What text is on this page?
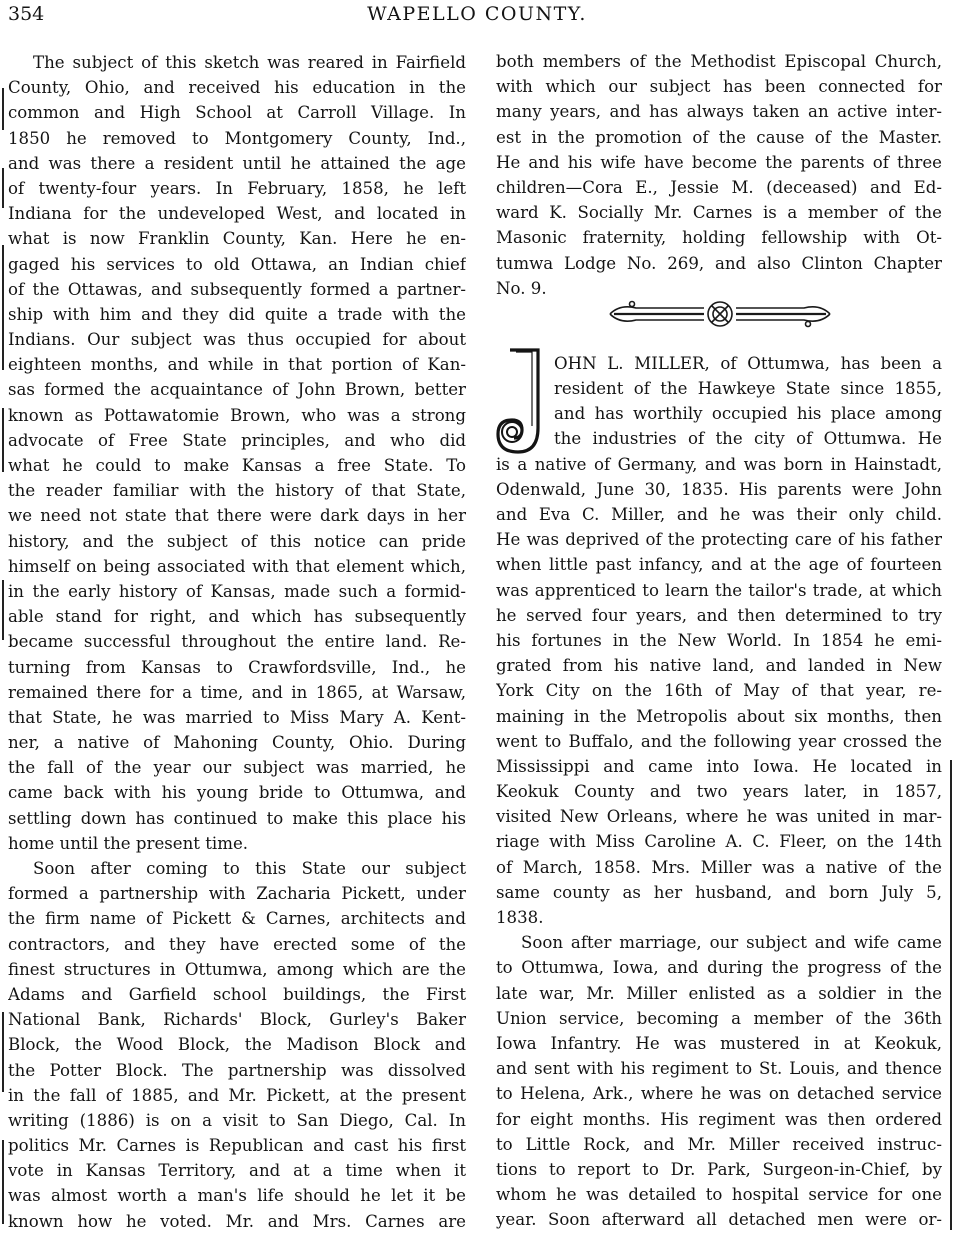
354	WAPELLO COUNTY.
The subject of this sketch was reared in Fairfield
County, Ohio, and received his education in the
common and High School at Carroll Village. In
1850 he removed to Montgomery County, Ind.,
and was there a resident until he attained the age
of twenty-four years. In February, 1858, he left
Indiana for the undeveloped West, and located in
what is now Franklin County, Kan. Here he en-
gaged his services to old Ottawa, an Indian chief
of the Ottawas, and subsequently formed a partner-
ship with him and they did quite a trade with the
Indians. Our subject was thus occupied for about
eighteen months, and while in that portion of Kan-
sas formed the acquaintance of John Brown, better
known as Pottawatomie Brown, who was a strong
advocate of Free State principles, and who did
what he could to make Kansas a free State. To
the reader familiar with the history of that State,
we need not state that there were dark days in her
history, and the subject of this notice can pride
himself on being associated with that element which,
in the early history of Kansas, made such a formid-
able stand for right, and which has subsequently
became successful throughout the entire land. Re-
turning from Kansas to Crawfordsville, Ind., he
remained there for a time, and in 1865, at Warsaw,
that State, he was married to Miss Mary A. Kent-
ner, a native of Mahoning County, Ohio. During
the fall of the year our subject was married, he
came back with his young bride to Ottumwa, and
settling down has continued to make this place his
home until the present time.
Soon after coming to this State our subject
formed a partnership with Zacharia Pickett, under
the firm name of Pickett & Carnes, architects and
contractors, and they have erected some of the
finest structures in Ottumwa, among which are the
Adams and Garfield school buildings, the First
National Bank, Richards' Block, Gurley's Baker
Block, the Wood Block, the Madison Block and
the Potter Block. The partnership was dissolved
in the fall of 1885, and Mr. Pickett, at the present
writing (1886) is on a visit to San Diego, Cal. In
politics Mr. Carnes is Republican and cast his first
vote in Kansas Territory, and at a time when it
was almost worth a man's life should he let it be
known how he voted. Mr. and Mrs. Carnes are
both members of the Methodist Episcopal Church,
with which our subject has been connected for
many years, and has always taken an active inter-
est in the promotion of the cause of the Master.
He and his wife have become the parents of three
children—Cora E., Jessie M. (deceased) and Ed-
ward K. Socially Mr. Carnes is a member of the
Masonic fraternity, holding fellowship with Ot-
tumwa Lodge No. 269, and also Clinton Chapter
No. 9.
OHN L. MILLER, of Ottumwa, has been a
resident of the Hawkeye State since 1855,
and has worthily occupied his place among
the industries of the city of Ottumwa. He
is a native of Germany, and was born in Hainstadt,
Odenwald, June 30, 1835. His parents were John
and Eva C. Miller, and he was their only child.
He was deprived of the protecting care of his father
when little past infancy, and at the age of fourteen
was apprenticed to learn the tailor's trade, at which
he served four years, and then determined to try
his fortunes in the New World. In 1854 he emi-
grated from his native land, and landed in New
York City on the 16th of May of that year, re-
maining in the Metropolis about six months, then
went to Buffalo, and the following year crossed the
Mississippi and came into Iowa. He located in
Keokuk County and two years later, in 1857,
visited New Orleans, where he was united in mar-
riage with Miss Caroline A. C. Fleer, on the 14th
of March, 1858. Mrs. Miller was a native of the
same county as her husband, and born July 5,
1838.
Soon after marriage, our subject and wife came
to Ottumwa, Iowa, and during the progress of the
late war, Mr. Miller enlisted as a soldier in the
Union service, becoming a member of the 36th
Iowa Infantry. He was mustered in at Keokuk,
and sent with his regiment to St. Louis, and thence
to Helena, Ark., where he was on detached service
for eight months. His regiment was then ordered
to Little Rock, and Mr. Miller received instruc-
tions to report to Dr. Park, Surgeon-in-Chief, by
whom he was detailed to hospital service for one
year. Soon afterward all detached men were or-
J
